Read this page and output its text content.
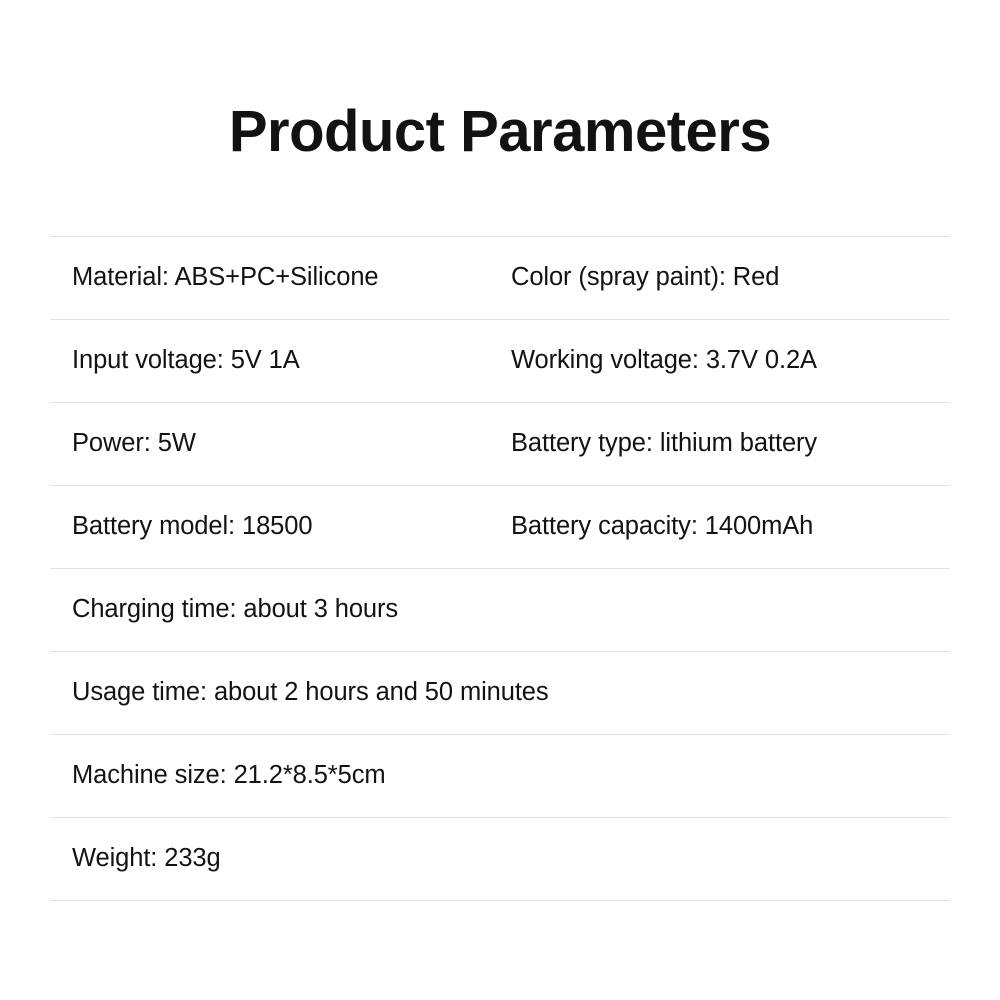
Product Parameters
Material: ABS+PC+Silicone	Color (spray paint): Red
Input voltage: 5V 1A	Working voltage: 3.7V 0.2A
Power: 5W	Battery type: lithium battery
Battery model: 18500	Battery capacity: 1400mAh
Charging time: about 3 hours	
Usage time: about 2 hours and 50 minutes	
Machine size: 21.2*8.5*5cm	
Weight: 233g	
